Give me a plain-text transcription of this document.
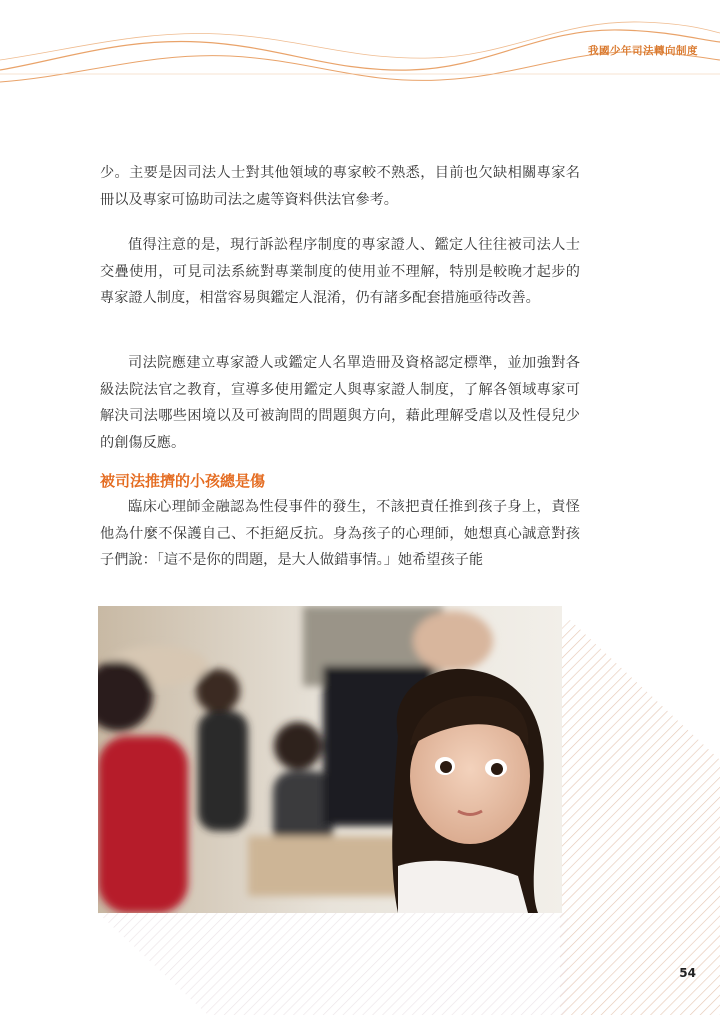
我國少年司法轉向制度

少。主要是因司法人士對其他領域的專家較不熟悉，目前也欠缺相關專家名冊以及專家可協助司法之處等資料供法官參考。

值得注意的是，現行訴訟程序制度的專家證人、鑑定人往往被司法人士交疊使用，可見司法系統對專業制度的使用並不理解，特別是較晚才起步的專家證人制度，相當容易與鑑定人混淆，仍有諸多配套措施亟待改善。

司法院應建立專家證人或鑑定人名單造冊及資格認定標準，並加強對各級法院法官之教育，宣導多使用鑑定人與專家證人制度，了解各領域專家可解決司法哪些困境以及可被詢問的問題與方向，藉此理解受虐以及性侵兒少的創傷反應。

被司法推擠的小孩總是傷

臨床心理師金融認為性侵事件的發生，不該把責任推到孩子身上，責怪他為什麼不保護自己、不拒絕反抗。身為孩子的心理師，她想真心誠意對孩子們說：「這不是你的問題，是大人做錯事情。」她希望孩子能

54
